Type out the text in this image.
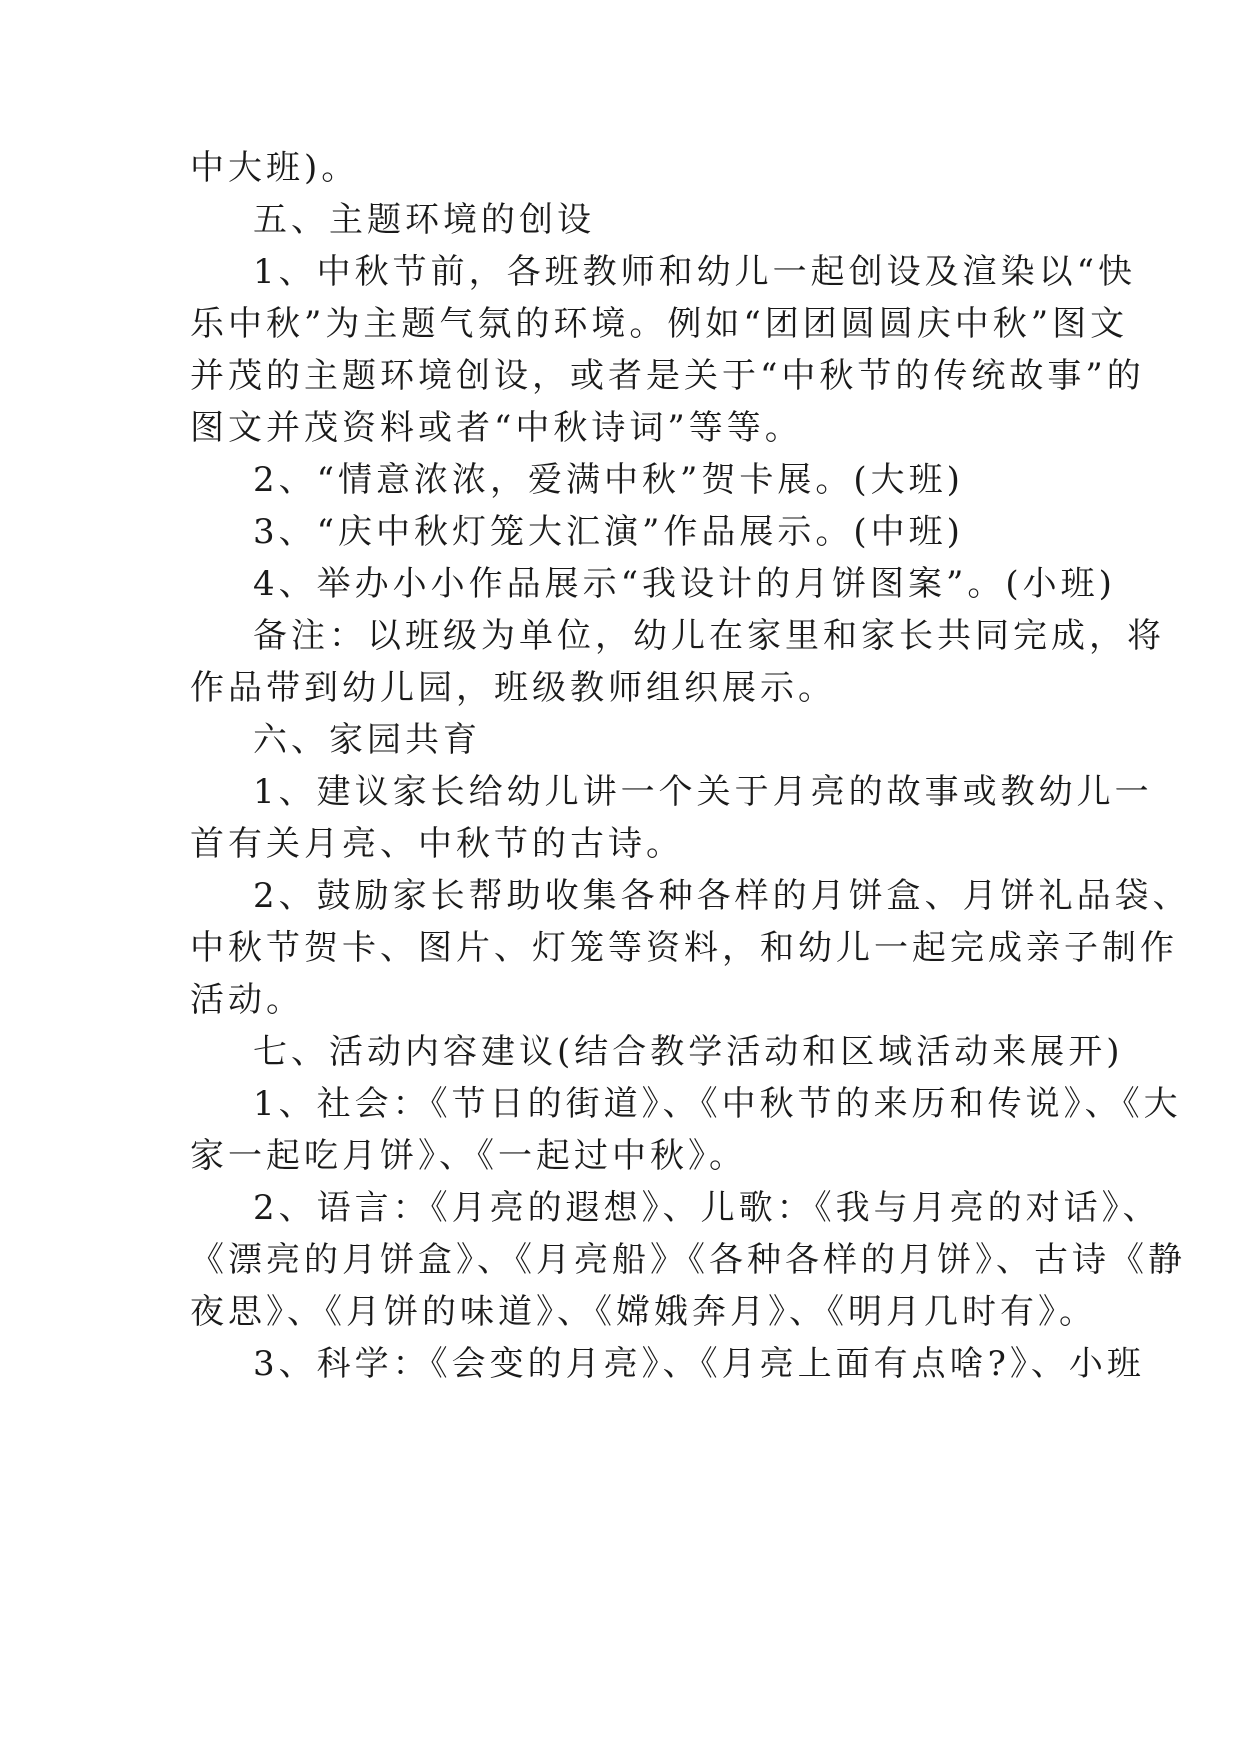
中大班)。
五、主题环境的创设
1、中秋节前，各班教师和幼儿一起创设及渲染以“快
乐中秋”为主题气氛的环境。例如“团团圆圆庆中秋”图文
并茂的主题环境创设，或者是关于“中秋节的传统故事”的
图文并茂资料或者“中秋诗词”等等。
2、“情意浓浓，爱满中秋”贺卡展。(大班)
3、“庆中秋灯笼大汇演”作品展示。(中班)
4、举办小小作品展示“我设计的月饼图案”。(小班)
备注：以班级为单位，幼儿在家里和家长共同完成，将
作品带到幼儿园，班级教师组织展示。
六、家园共育
1、建议家长给幼儿讲一个关于月亮的故事或教幼儿一
首有关月亮、中秋节的古诗。
2、鼓励家长帮助收集各种各样的月饼盒、月饼礼品袋、
中秋节贺卡、图片、灯笼等资料，和幼儿一起完成亲子制作
活动。
七、活动内容建议(结合教学活动和区域活动来展开)
1、社会：《节日的街道》、《中秋节的来历和传说》、《大
家一起吃月饼》、《一起过中秋》。
2、语言：《月亮的遐想》、儿歌：《我与月亮的对话》、
《漂亮的月饼盒》、《月亮船》《各种各样的月饼》、古诗《静
夜思》、《月饼的味道》、《嫦娥奔月》、《明月几时有》。
3、科学：《会变的月亮》、《月亮上面有点啥?》、小班
